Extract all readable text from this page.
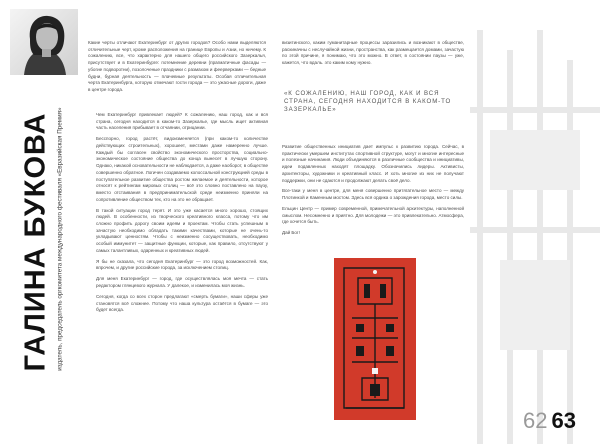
ГАЛИНА БУКОВА издатель, председатель оргкомитета международного фестиваля «Евразийская Премия»

Какие черты отличают Екатеринбург от других городов? Особо нами выделяются отличительные черт, кроме расположения на границе Европы и Азии, но ничему. К сожалению, все, что характерно для нашего общего российского Зазеркалья, присутствует и в Екатеринбурге: потемнение деревни (прагматичные фасады — убогие подворотни), позолоченые праздники с размахом и феерверками — бедные будни, бурная деятельность — плачевные результаты. Особая отличительная черта Екатеринбурга, которую отмечают гости города — это ужасные дороги, даже в центре города.

Чем Екатеринбург привлекает людей? К сожалению, наш город, как и вся страна, сегодня находится в каком-то Зазеркалье, где мысль ищет активная часть населения прибывает в отчаянии, отрицании.

Бесспорно, город растёт, видоизменяется (при каком-то количестве действующих строительных), хорошеет, местами даже намеренно лучше. Каждый бы согласен свойство экономического просторства, социально-экономическое состояние общества до конца вынесет в лучшую сторону. Однако, никакой основательности не наблюдается, а даже наоборот, в обществе совершенно обратное. Логичен создаваемо колоссальной конструкцией среды в поступательное развитие общества ростом желаемое и деятельности, которое относят к рейтингам мировых столиц — всё это словно поставлено на паузу, вместо отстаивания в предпринимательской среде неизменно приняли на сопротивление обществом тех, кто на это не обращает.

В такой ситуации город терят. И это уже касается много хорошо, стоящих людей. В особенности, из творческого креативного класса, потому что им сложно профить дорогу своим идеям и проектам. Чтобы стать успешным в зачастую необходимо обладать такими качествами, которые не очень-то укладывают ценностям. Чтобы с неизменно сосуществовать, необходимо особый иммунитет — защитные функции, которые, как правило, отсутствуют у самых талантливых, одаренных и креативных людей.

Я бы не сказала, что сегодня Екатеринбург — это город возможностей. Как, впрочем, и другие российские города, за исключением столиц.

Для меня Екатеринбург — город, где осуществлялась моя мечта — стать редактором глянцевого журнала. У далекое, и изменилась моя жизнь.

Сегодня, когда со всех сторон предлагают «смерть бумаги», наши сферы уже становятся всё сложнее. Потому что наша культура остаётся в бумаге — это будет всегда.

визитинского, каким гуманитарные процессы заразились и возникают в обществе, раскиначны с неслучайной жизни, пространства, как размещается домами, зачастую по этой причине, я понимаю, что это можно. В ответ, в состоянии паузы — уже, кажется, что вдаль. это каким кому нужно.

«К СОЖАЛЕНИЮ, НАШ ГОРОД, КАК И ВСЯ СТРАНА, СЕГОДНЯ НАХОДИТСЯ В КАКОМ-ТО ЗАЗЕРКАЛЬЕ»

Развитие общественных инициатив дает импульс к развитию города. Сейчас, в практически умершем институтах спортивной структуре, могут и многие интересные и полезные начинания. Люди объединяются в различные сообщества и инициативы, идеи подавленных находят площадку. Обозначились лидеры. Активисты, архитекторы, художники и креативный класс. И хоть многие из них не получают поддержки, они не сдаются и продолжают делать своё дело.

Все-таки у меня в центре, для меня совершенно притягательное место — между Плотинкой и Каменным мостом. Здесь вся ордика о зарождения города, место силы.

Ельцин Центр — пример современной, примечательной архитектуры, наполненной смыслом. Несомненно и приятно. Для молодежи — это привлекательно. Атмосфера, где хочется быть.

Дай Бог!

62 63
